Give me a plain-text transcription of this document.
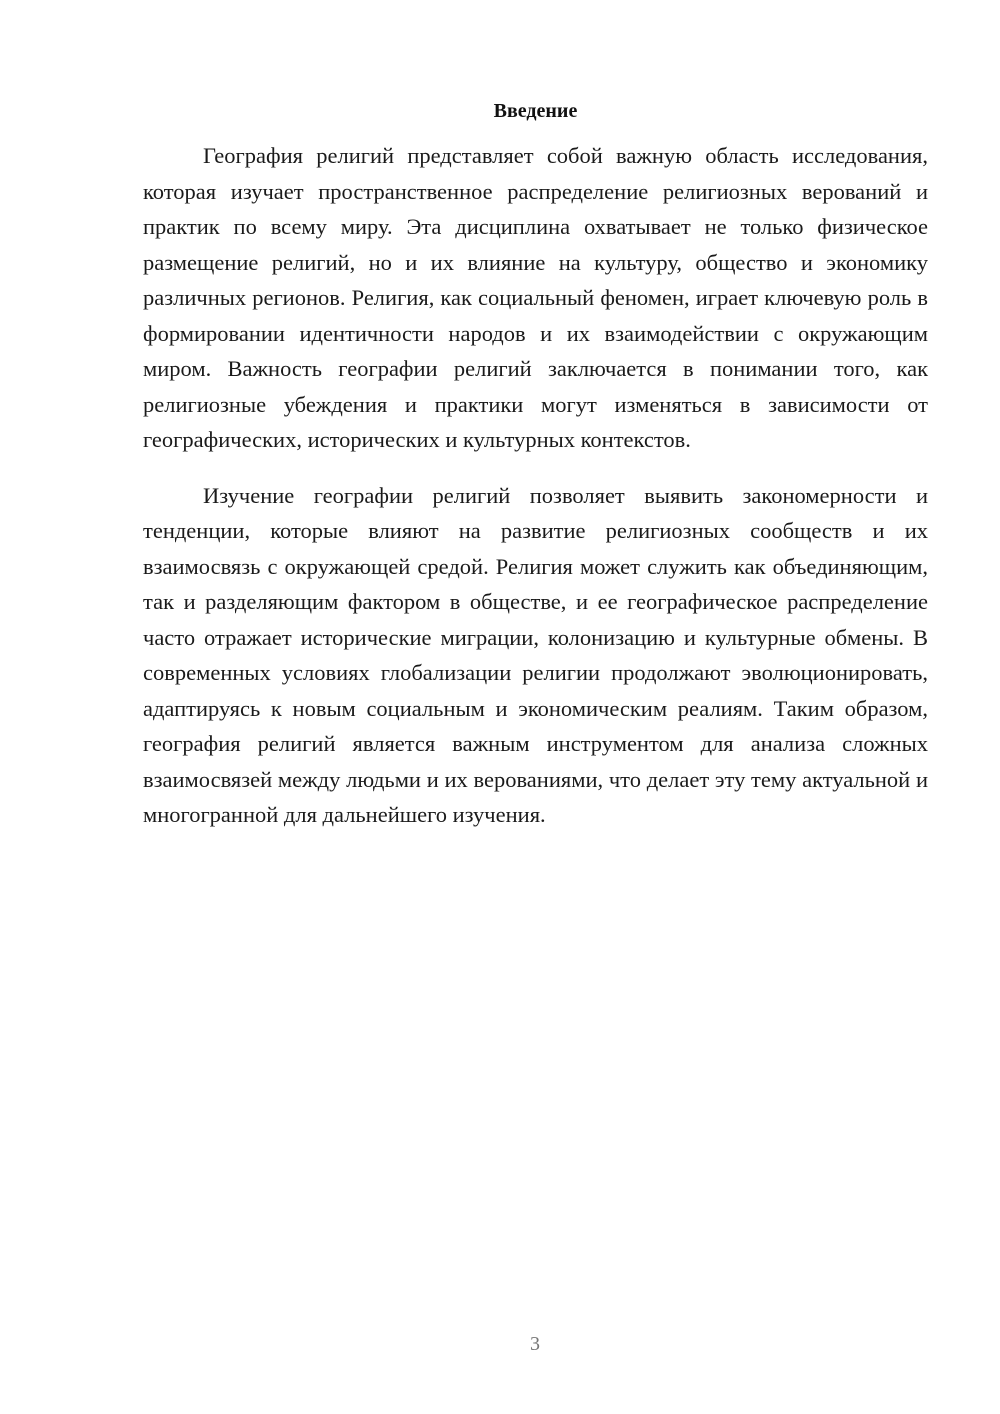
Введение

География религий представляет собой важную область исследования, которая изучает пространственное распределение религиозных верований и практик по всему миру. Эта дисциплина охватывает не только физическое размещение религий, но и их влияние на культуру, общество и экономику различных регионов. Религия, как социальный феномен, играет ключевую роль в формировании идентичности народов и их взаимодействии с окружающим миром. Важность географии религий заключается в понимании того, как религиозные убеждения и практики могут изменяться в зависимости от географических, исторических и культурных контекстов.

Изучение географии религий позволяет выявить закономерности и тенденции, которые влияют на развитие религиозных сообществ и их взаимосвязь с окружающей средой. Религия может служить как объединяющим, так и разделяющим фактором в обществе, и ее географическое распределение часто отражает исторические миграции, колонизацию и культурные обмены. В современных условиях глобализации религии продолжают эволюционировать, адаптируясь к новым социальным и экономическим реалиям. Таким образом, география религий является важным инструментом для анализа сложных взаимосвязей между людьми и их верованиями, что делает эту тему актуальной и многогранной для дальнейшего изучения.

3
